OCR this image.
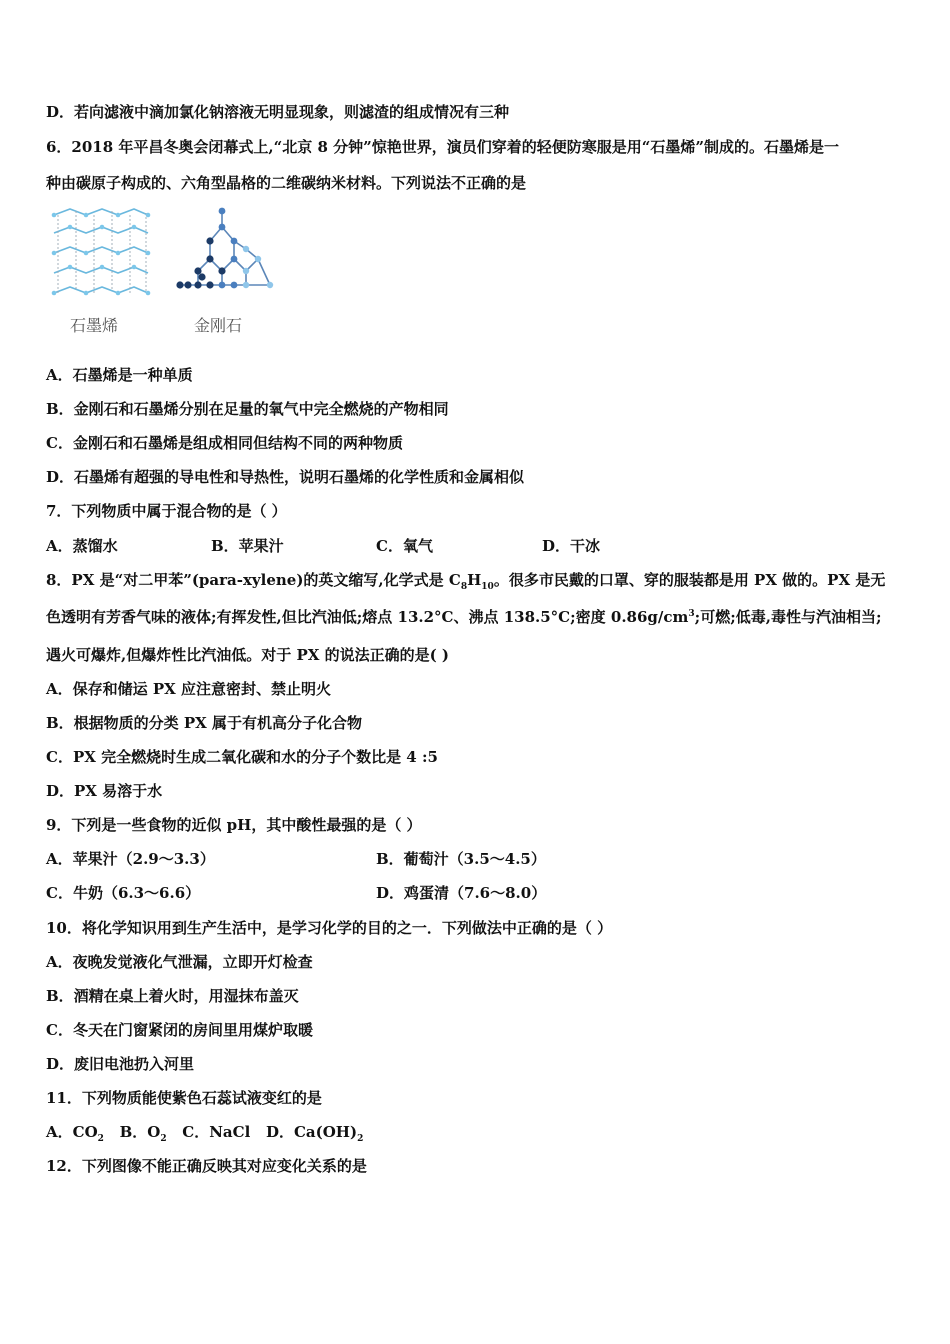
D．若向滤液中滴加氯化钠溶液无明显现象，则滤渣的组成情况有三种
6．2018 年平昌冬奥会闭幕式上,“北京 8 分钟”惊艳世界，演员们穿着的轻便防寒服是用“石墨烯”制成的。石墨烯是一
种由碳原子构成的、六角型晶格的二维碳纳米材料。下列说法不正确的是
石墨烯	金刚石
A．石墨烯是一种单质
B．金刚石和石墨烯分别在足量的氧气中完全燃烧的产物相同
C．金刚石和石墨烯是组成相同但结构不同的两种物质
D．石墨烯有超强的导电性和导热性，说明石墨烯的化学性质和金属相似
7．下列物质中属于混合物的是（ ）
A．蒸馏水	B．苹果汁	C．氧气	D．干冰
8．PX 是“对二甲苯”(para-xylene)的英文缩写,化学式是 $C_8H_{10}$。很多市民戴的口罩、穿的服装都是用 PX 做的。PX 是无
色透明有芳香气味的液体;有挥发性,但比汽油低;熔点 13.2°C、沸点 138.5°C;密度 $0.86g/cm^3$;可燃;低毒,毒性与汽油相当;
遇火可爆炸,但爆炸性比汽油低。对于 PX 的说法正确的是( )
A．保存和储运 PX 应注意密封、禁止明火
B．根据物质的分类 PX 属于有机高分子化合物
C．PX 完全燃烧时生成二氧化碳和水的分子个数比是 4 :5
D．PX 易溶于水
9．下列是一些食物的近似 pH，其中酸性最强的是（ ）
A．苹果汁（2.9～3.3）	B．葡萄汁（3.5～4.5）
C．牛奶（6.3～6.6）	D．鸡蛋清（7.6～8.0）
10．将化学知识用到生产生活中，是学习化学的目的之一．下列做法中正确的是（ ）
A．夜晚发觉液化气泄漏，立即开灯检查
B．酒精在桌上着火时，用湿抹布盖灭
C．冬天在门窗紧闭的房间里用煤炉取暖
D．废旧电池扔入河里
11．下列物质能使紫色石蕊试液变红的是
A．$CO_2$ B．$O_2$ C．NaCl D．$Ca(OH)_2$
12．下列图像不能正确反映其对应变化关系的是
